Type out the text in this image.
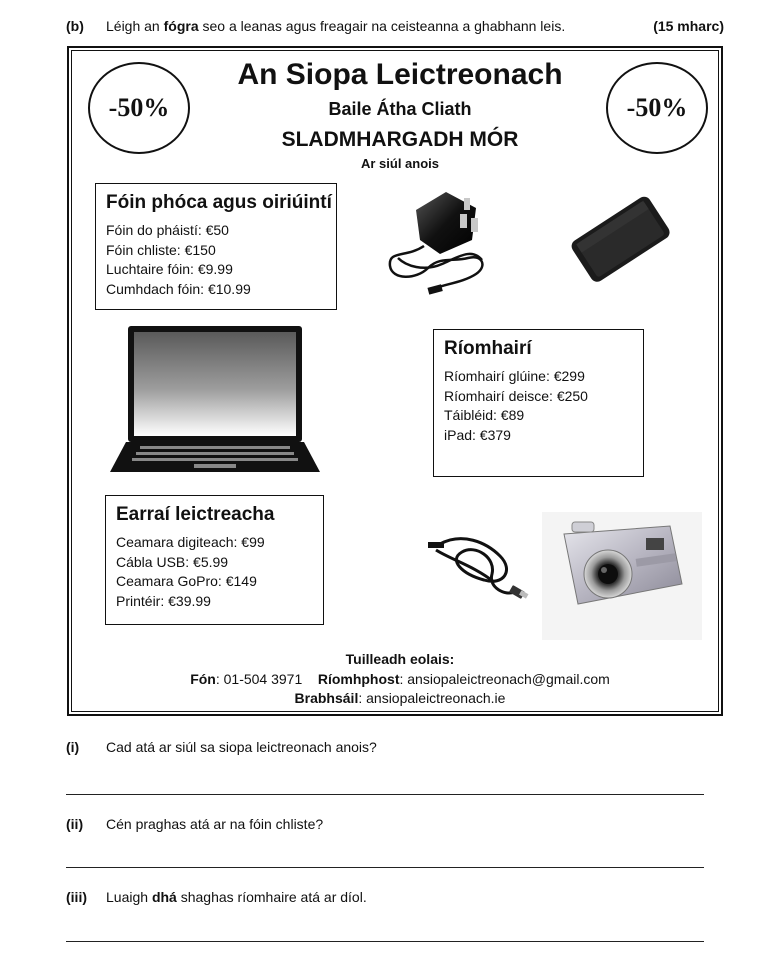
(b) Léigh an fógra seo a leanas agus freagair na ceisteanna a ghabhann leis.	(15 mharc)
-50%	-50%
An Siopa Leictreonach
Baile Átha Cliath
SLADMHARGADH MÓR
Ar siúl anois
Fóin phóca agus oiriúintí
Fóin do pháistí: €50
Fóin chliste: €150
Luchtaire fóin: €9.99
Cumhdach fóin: €10.99
Ríomhairí
Ríomhairí glúine: €299
Ríomhairí deisce: €250
Táibléid: €89
iPad: €379
Earraí leictreacha
Ceamara digiteach: €99
Cábla USB: €5.99
Ceamara GoPro: €149
Printéir: €39.99
Tuilleadh eolais:
Fón: 01-504 3971 Ríomhphost: ansiopaleictreonach@gmail.com
Brabhsáil: ansiopaleictreonach.ie
(i) Cad atá ar siúl sa siopa leictreonach anois?
(ii) Cén praghas atá ar na fóin chliste?
(iii) Luaigh dhá shaghas ríomhaire atá ar díol.
